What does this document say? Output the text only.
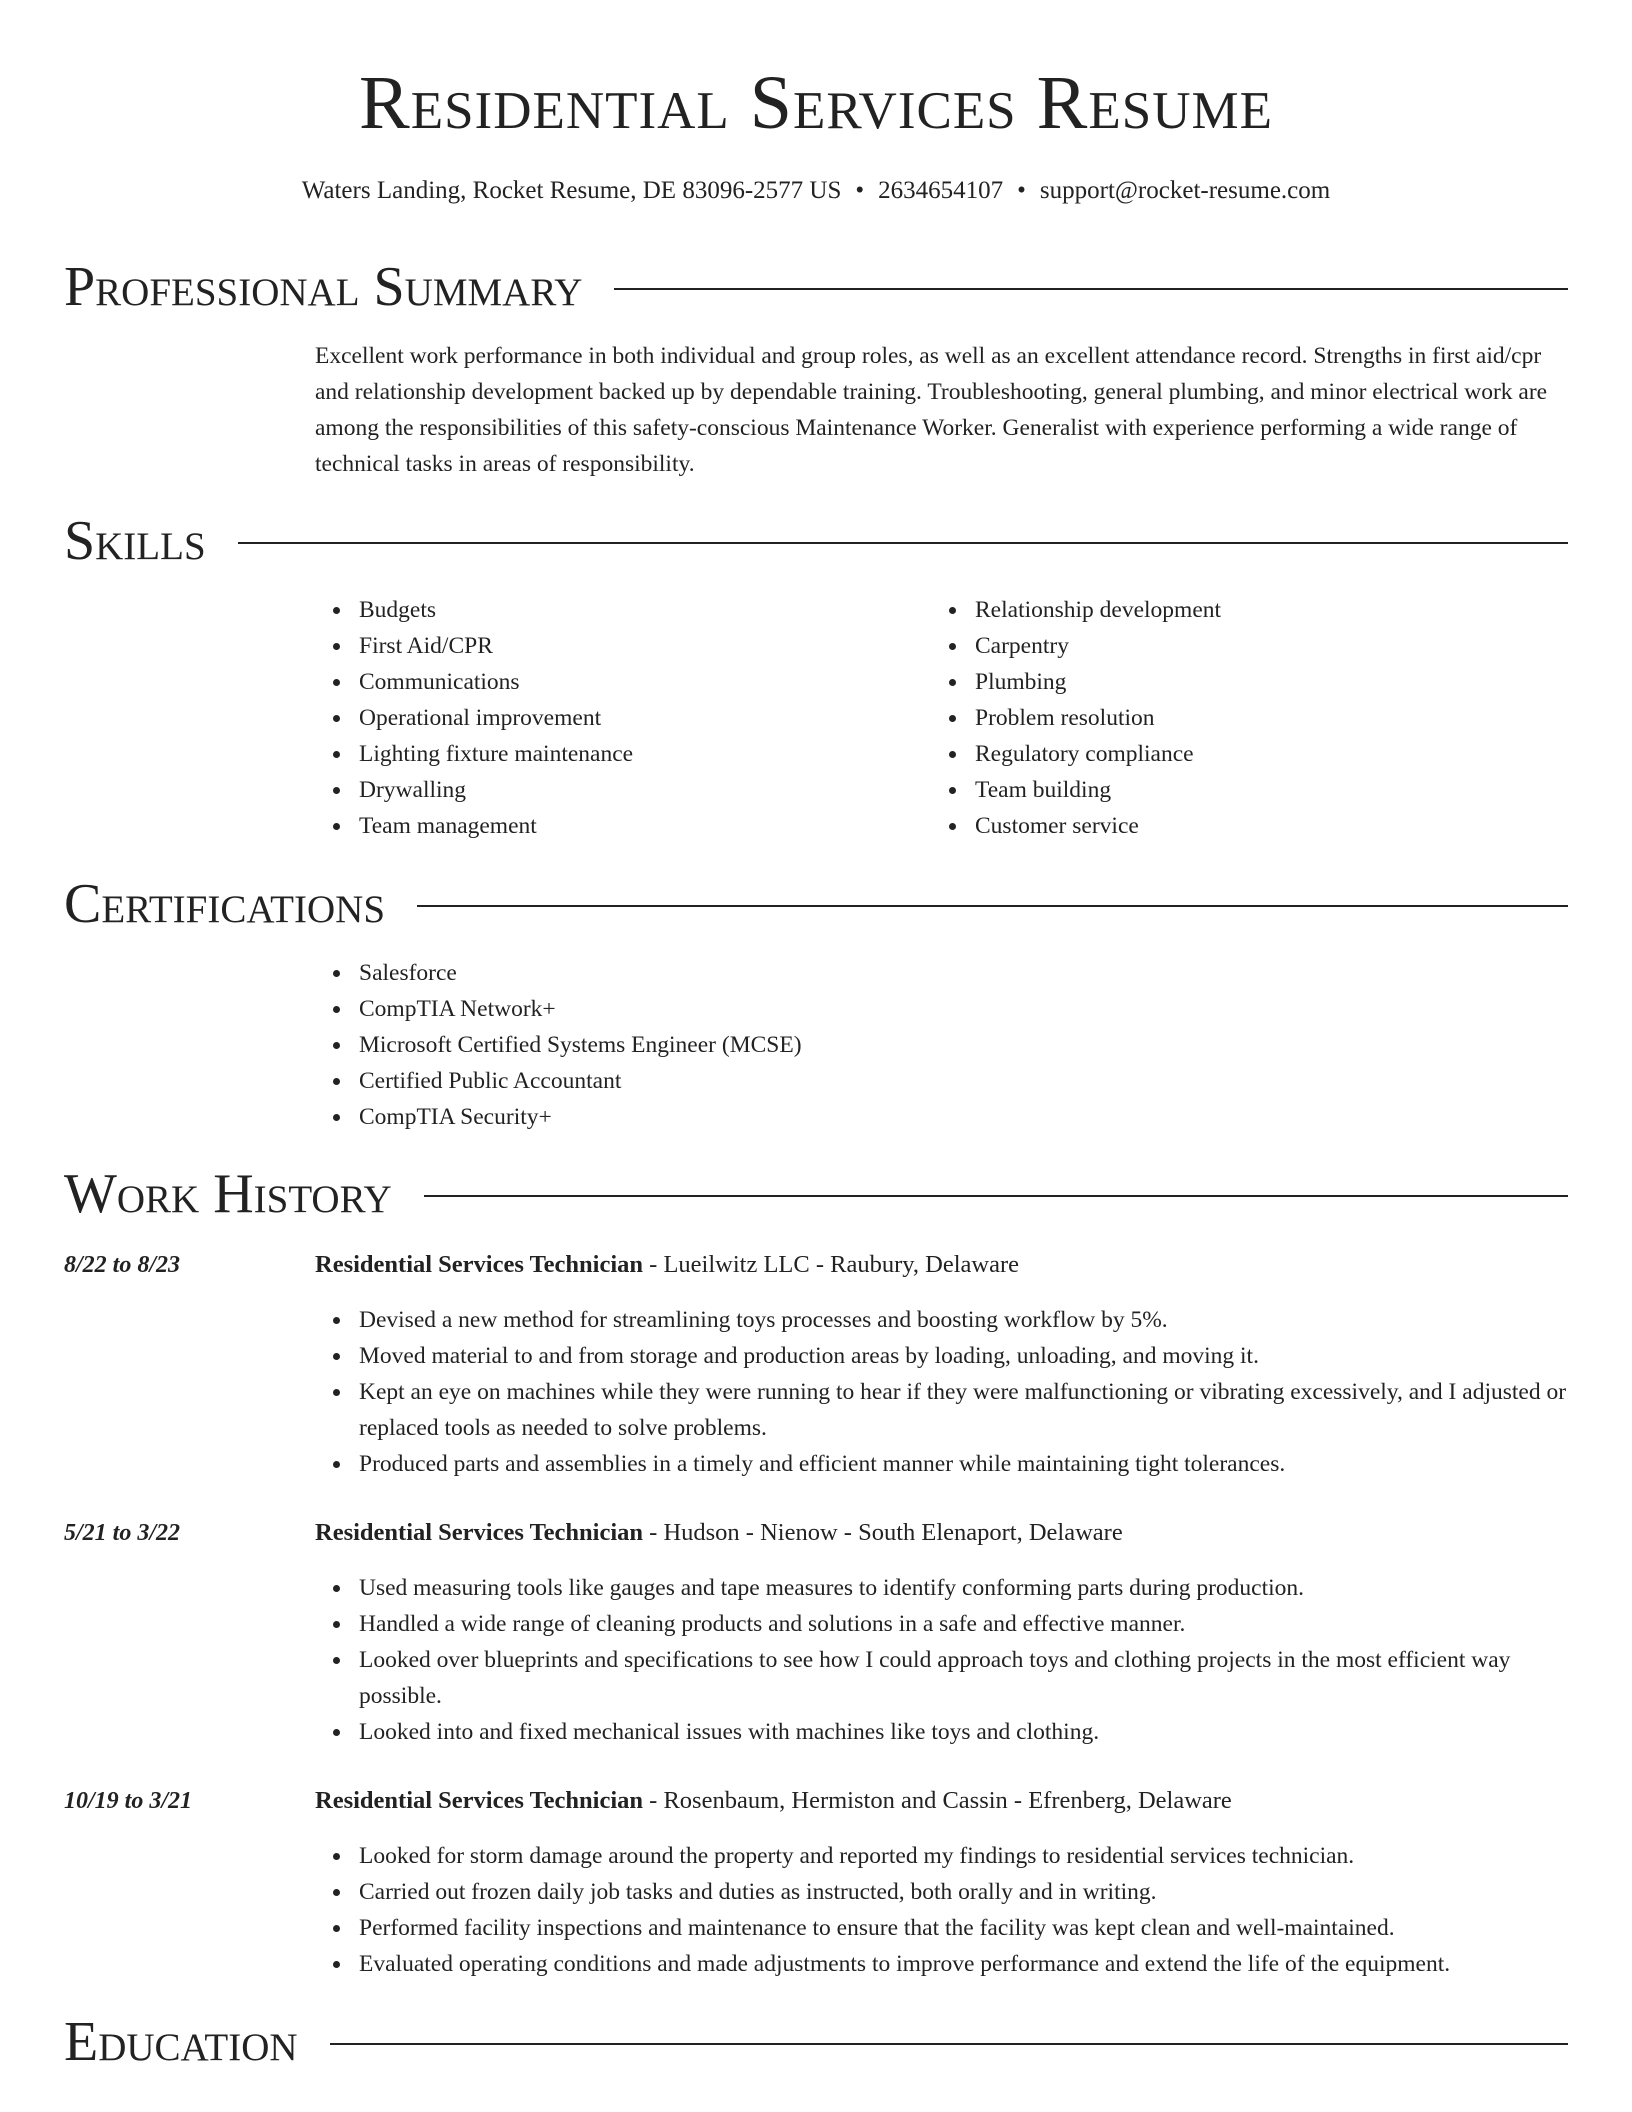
Residential Services Resume
Waters Landing, Rocket Resume, DE 83096-2577 US • 2634654107 • support@rocket-resume.com
Professional Summary
Excellent work performance in both individual and group roles, as well as an excellent attendance record. Strengths in first aid/cpr and relationship development backed up by dependable training. Troubleshooting, general plumbing, and minor electrical work are among the responsibilities of this safety-conscious Maintenance Worker. Generalist with experience performing a wide range of technical tasks in areas of responsibility.
Skills
Budgets
First Aid/CPR
Communications
Operational improvement
Lighting fixture maintenance
Drywalling
Team management
Relationship development
Carpentry
Plumbing
Problem resolution
Regulatory compliance
Team building
Customer service
Certifications
Salesforce
CompTIA Network+
Microsoft Certified Systems Engineer (MCSE)
Certified Public Accountant
CompTIA Security+
Work History
8/22 to 8/23	Residential Services Technician - Lueilwitz LLC - Raubury, Delaware
Devised a new method for streamlining toys processes and boosting workflow by 5%.
Moved material to and from storage and production areas by loading, unloading, and moving it.
Kept an eye on machines while they were running to hear if they were malfunctioning or vibrating excessively, and I adjusted or replaced tools as needed to solve problems.
Produced parts and assemblies in a timely and efficient manner while maintaining tight tolerances.
5/21 to 3/22	Residential Services Technician - Hudson - Nienow - South Elenaport, Delaware
Used measuring tools like gauges and tape measures to identify conforming parts during production.
Handled a wide range of cleaning products and solutions in a safe and effective manner.
Looked over blueprints and specifications to see how I could approach toys and clothing projects in the most efficient way possible.
Looked into and fixed mechanical issues with machines like toys and clothing.
10/19 to 3/21	Residential Services Technician - Rosenbaum, Hermiston and Cassin - Efrenberg, Delaware
Looked for storm damage around the property and reported my findings to residential services technician.
Carried out frozen daily job tasks and duties as instructed, both orally and in writing.
Performed facility inspections and maintenance to ensure that the facility was kept clean and well-maintained.
Evaluated operating conditions and made adjustments to improve performance and extend the life of the equipment.
Education
